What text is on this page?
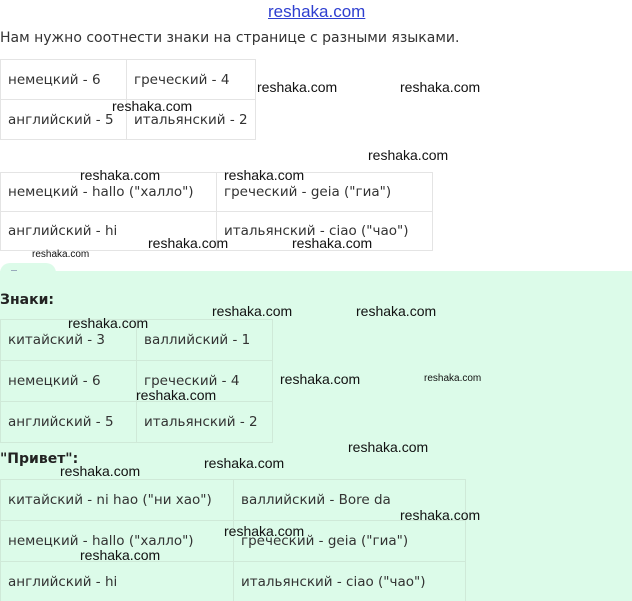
reshaka.com

Нам нужно соотнести знаки на странице с разными языками.

немецкий - 6	греческий - 4
английский - 5	итальянский - 2
немецкий - hallo ("халло")	греческий - geia ("гиа")
английский - hi	итальянский - ciao ("чао")

Знаки:

китайский - 3	валлийский - 1
немецкий - 6	греческий - 4
английский - 5	итальянский - 2

"Привет":

китайский - ni hao ("ни хао")	валлийский - Bore da
немецкий - hallo ("халло")	греческий - geia ("гиа")
английский - hi	итальянский - ciao ("чао")
reshaka.com
reshaka.com	reshaka.com
reshaka.com
reshaka.com	reshaka.com
reshaka.com	reshaka.com
reshaka.com
reshaka.com	reshaka.com
reshaka.com
reshaka.com	reshaka.com
reshaka.com
reshaka.com
reshaka.com	reshaka.com
reshaka.com
reshaka.com
reshaka.com
